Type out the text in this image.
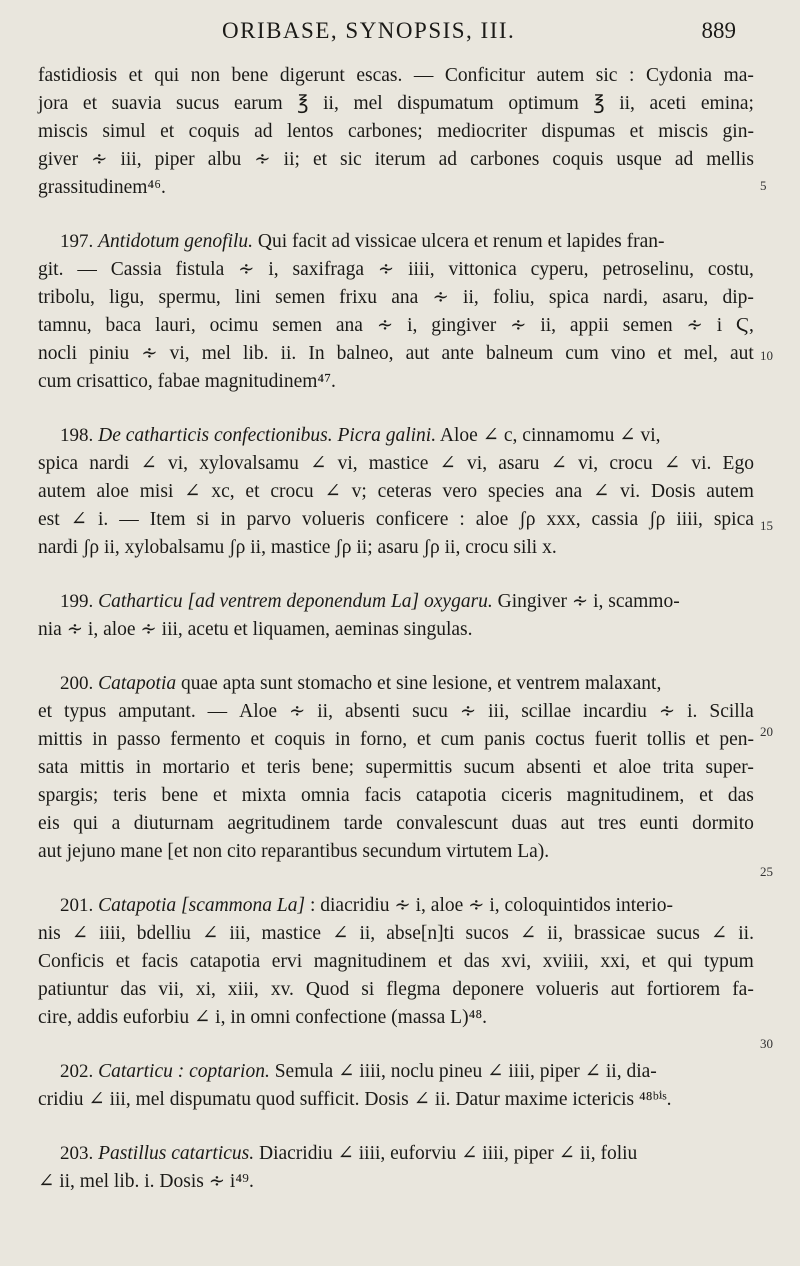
ORIBASE, SYNOPSIS, III.	889
fastidiosis et qui non bene digerunt escas. — Conficitur autem sic : Cydonia ma-
jora et suavia sucus earum ℥ ii, mel dispumatum optimum ℥ ii, aceti emina;
miscis simul et coquis ad lentos carbones; mediocriter dispumas et miscis gin-
giver ∻ iii, piper albu ∻ ii; et sic iterum ad carbones coquis usque ad mellis
grassitudinem⁴⁶.
197. Antidotum genofilu. Qui facit ad vissicae ulcera et renum et lapides fran-
git. — Cassia fistula ∻ i, saxifraga ∻ iiii, vittonica cyperu, petroselinu, costu,
tribolu, ligu, spermu, lini semen frixu ana ∻ ii, foliu, spica nardi, asaru, dip-
tamnu, baca lauri, ocimu semen ana ∻ i, gingiver ∻ ii, appii semen ∻ i Ϛ,
nocli piniu ∻ vi, mel lib. ii. In balneo, aut ante balneum cum vino et mel, aut
cum crisattico, fabae magnitudinem⁴⁷.
198. De catharticis confectionibus. Picra galini. Aloe ∠ c, cinnamomu ∠ vi,
spica nardi ∠ vi, xylovalsamu ∠ vi, mastice ∠ vi, asaru ∠ vi, crocu ∠ vi. Ego
autem aloe misi ∠ xc, et crocu ∠ v; ceteras vero species ana ∠ vi. Dosis autem
est ∠ i. — Item si in parvo volueris conficere : aloe ʃρ xxx, cassia ʃρ iiii, spica
nardi ʃρ ii, xylobalsamu ʃρ ii, mastice ʃρ ii; asaru ʃρ ii, crocu sili x.
199. Catharticu [ad ventrem deponendum La] oxygaru. Gingiver ∻ i, scammo-
nia ∻ i, aloe ∻ iii, acetu et liquamen, aeminas singulas.
200. Catapotia quae apta sunt stomacho et sine lesione, et ventrem malaxant,
et typus amputant. — Aloe ∻ ii, absenti sucu ∻ iii, scillae incardiu ∻ i. Scilla
mittis in passo fermento et coquis in forno, et cum panis coctus fuerit tollis et pen-
sata mittis in mortario et teris bene; supermittis sucum absenti et aloe trita super-
spargis; teris bene et mixta omnia facis catapotia ciceris magnitudinem, et das
eis qui a diuturnam aegritudinem tarde convalescunt duas aut tres eunti dormito
aut jejuno mane [et non cito reparantibus secundum virtutem La).
201. Catapotia [scammona La] : diacridiu ∻ i, aloe ∻ i, coloquintidos interio-
nis ∠ iiii, bdelliu ∠ iii, mastice ∠ ii, abse[n]ti sucos ∠ ii, brassicae sucus ∠ ii.
Conficis et facis catapotia ervi magnitudinem et das xvi, xviiii, xxi, et qui typum
patiuntur das vii, xi, xiii, xv. Quod si flegma deponere volueris aut fortiorem fa-
cire, addis euforbiu ∠ i, in omni confectione (massa L)⁴⁸.
202. Catarticu : coptarion. Semula ∠ iiii, noclu pineu ∠ iiii, piper ∠ ii, dia-
cridiu ∠ iii, mel dispumatu quod sufficit. Dosis ∠ ii. Datur maxime ictericis ⁴⁸ᵇⁱˢ.
203. Pastillus catarticus. Diacridiu ∠ iiii, euforviu ∠ iiii, piper ∠ ii, foliu
∠ ii, mel lib. i. Dosis ∻ i⁴⁹.
5
10
15
20
25
30
